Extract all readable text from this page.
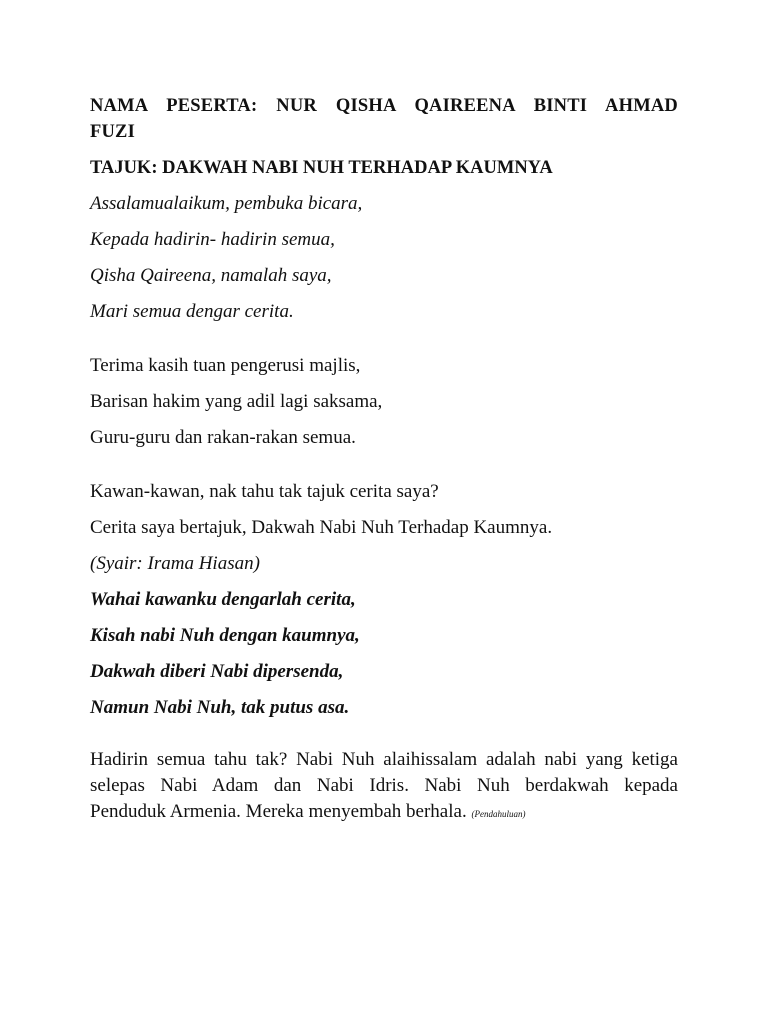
NAMA PESERTA: NUR QISHA QAIREENA BINTI AHMAD
FUZI

TAJUK: DAKWAH NABI NUH TERHADAP KAUMNYA

Assalamualaikum, pembuka bicara,

Kepada hadirin- hadirin semua,

Qisha Qaireena, namalah saya,

Mari semua dengar cerita.

Terima kasih tuan pengerusi majlis,

Barisan hakim yang adil lagi saksama,

Guru-guru dan rakan-rakan semua.

Kawan-kawan, nak tahu tak tajuk cerita saya?

Cerita saya bertajuk, Dakwah Nabi Nuh Terhadap Kaumnya.

(Syair: Irama Hiasan)

Wahai kawanku dengarlah cerita,

Kisah nabi Nuh dengan kaumnya,

Dakwah diberi Nabi dipersenda,

Namun Nabi Nuh, tak putus asa.

Hadirin semua tahu tak? Nabi Nuh alaihissalam adalah nabi yang ketiga
selepas Nabi Adam dan Nabi Idris. Nabi Nuh berdakwah kepada
Penduduk Armenia. Mereka menyembah berhala. (Pendahuluan)
